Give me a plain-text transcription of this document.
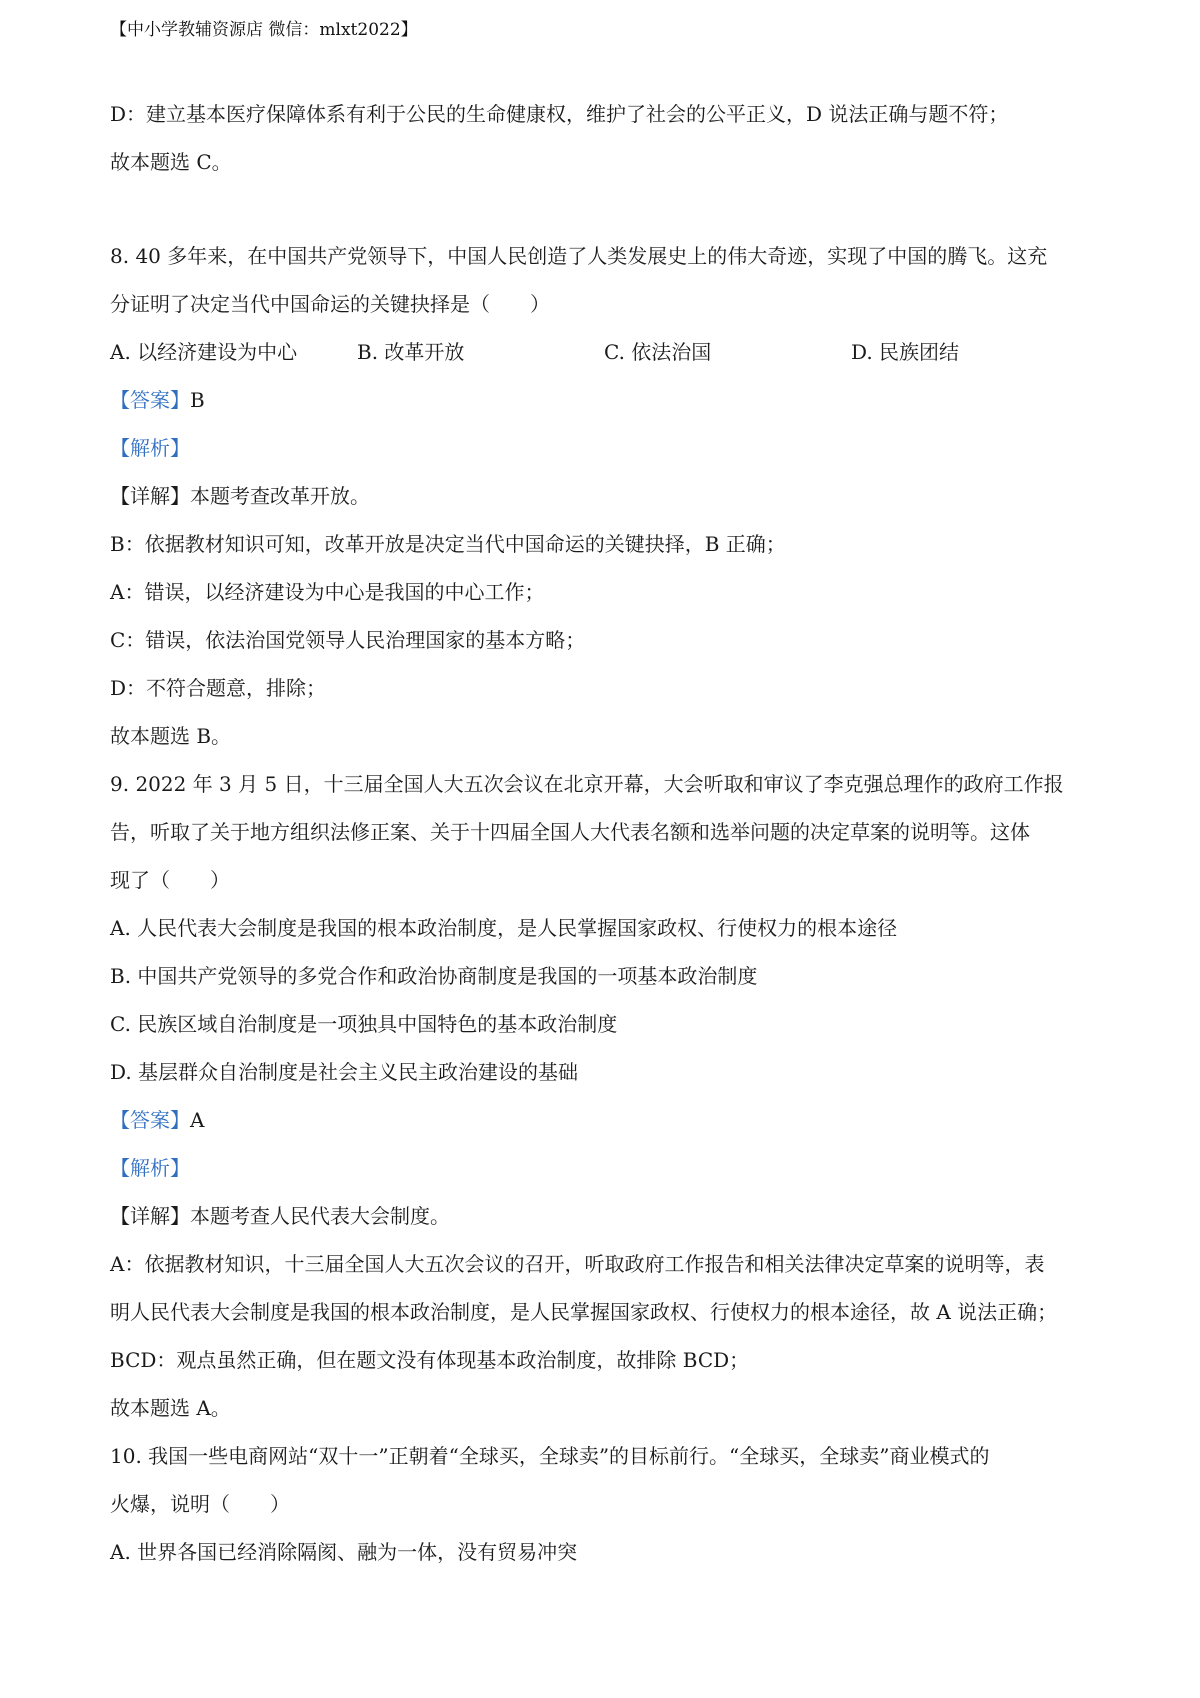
【中小学教辅资源店 微信：mlxt2022】
D：建立基本医疗保障体系有利于公民的生命健康权，维护了社会的公平正义，D 说法正确与题不符；
故本题选 C。
8. 40 多年来，在中国共产党领导下，中国人民创造了人类发展史上的伟大奇迹，实现了中国的腾飞。这充
分证明了决定当代中国命运的关键抉择是（　　）
A. 以经济建设为中心	B. 改革开放	C. 依法治国	D. 民族团结
【答案】B
【解析】
【详解】本题考查改革开放。
B：依据教材知识可知，改革开放是决定当代中国命运的关键抉择，B 正确；
A：错误，以经济建设为中心是我国的中心工作；
C：错误，依法治国党领导人民治理国家的基本方略；
D：不符合题意，排除；
故本题选 B。
9. 2022 年 3 月 5 日，十三届全国人大五次会议在北京开幕，大会听取和审议了李克强总理作的政府工作报
告，听取了关于地方组织法修正案、关于十四届全国人大代表名额和选举问题的决定草案的说明等。这体
现了（　　）
A. 人民代表大会制度是我国的根本政治制度，是人民掌握国家政权、行使权力的根本途径
B. 中国共产党领导的多党合作和政治协商制度是我国的一项基本政治制度
C. 民族区域自治制度是一项独具中国特色的基本政治制度
D. 基层群众自治制度是社会主义民主政治建设的基础
【答案】A
【解析】
【详解】本题考查人民代表大会制度。
A：依据教材知识，十三届全国人大五次会议的召开，听取政府工作报告和相关法律决定草案的说明等，表
明人民代表大会制度是我国的根本政治制度，是人民掌握国家政权、行使权力的根本途径，故 A 说法正确；
BCD：观点虽然正确，但在题文没有体现基本政治制度，故排除 BCD；
故本题选 A。
10. 我国一些电商网站“双十一”正朝着“全球买，全球卖”的目标前行。“全球买，全球卖”商业模式的
火爆，说明（　　）
A. 世界各国已经消除隔阂、融为一体，没有贸易冲突
